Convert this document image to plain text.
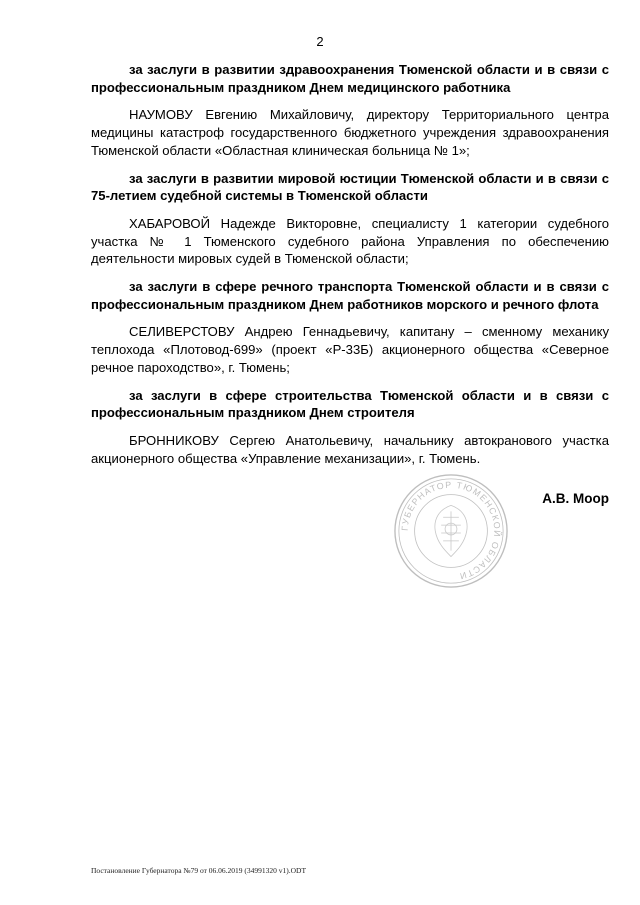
2

за заслуги в развитии здравоохранения Тюменской области и в связи с профессиональным праздником Днем медицинского работника

НАУМОВУ Евгению Михайловичу, директору Территориального центра медицины катастроф государственного бюджетного учреждения здравоохранения Тюменской области «Областная клиническая больница № 1»;

за заслуги в развитии мировой юстиции Тюменской области и в связи с 75-летием судебной системы в Тюменской области

ХАБАРОВОЙ Надежде Викторовне, специалисту 1 категории судебного участка № 1 Тюменского судебного района Управления по обеспечению деятельности мировых судей в Тюменской области;

за заслуги в сфере речного транспорта Тюменской области и в связи с профессиональным праздником Днем работников морского и речного флота

СЕЛИВЕРСТОВУ Андрею Геннадьевичу, капитану – сменному механику теплохода «Плотовод-699» (проект «Р-33Б) акционерного общества «Северное речное пароходство», г. Тюмень;

за заслуги в сфере строительства Тюменской области и в связи с профессиональным праздником Днем строителя

БРОННИКОВУ Сергею Анатольевичу, начальнику автокранового участка акционерного общества «Управление механизации», г. Тюмень.

ГУБЕРНАТОР ТЮМЕНСКОЙ ОБЛАСТИ
А.В. Моор
Постановление Губернатора №79 от 06.06.2019 (34991320 v1).ODT
